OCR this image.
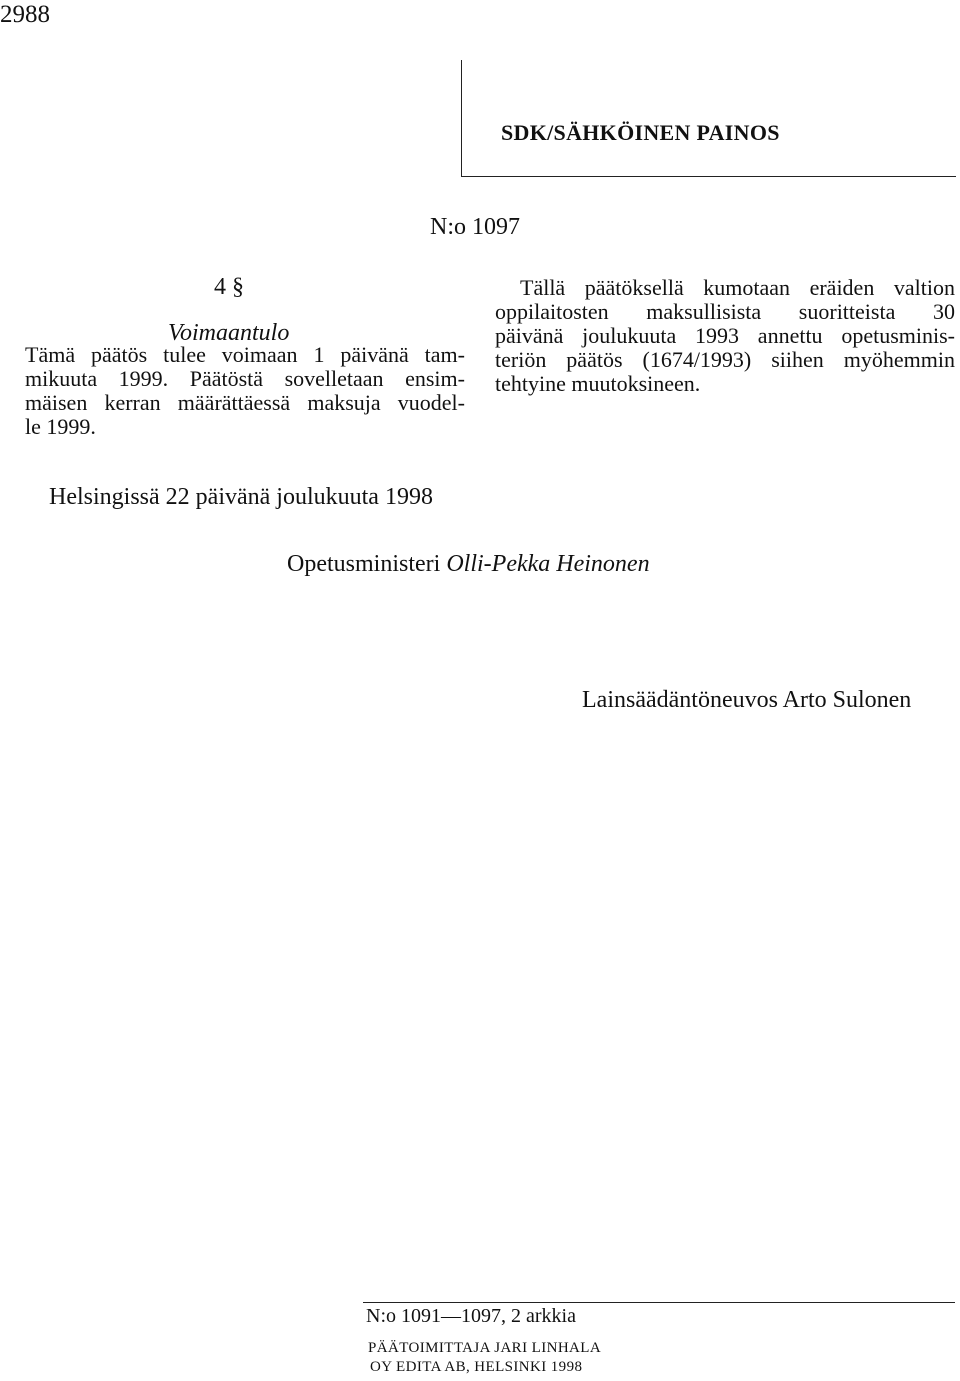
2988
SDK/SÄHKÖINEN PAINOS
N:o 1097
4 §
Voimaantulo
Tämä päätös tulee voimaan 1 päivänä tam-
mikuuta 1999. Päätöstä sovelletaan ensim-
mäisen kerran määrättäessä maksuja vuodel-
le 1999.
Tällä päätöksellä kumotaan eräiden valtion
oppilaitosten maksullisista suoritteista 30
päivänä joulukuuta 1993 annettu opetusminis-
teriön päätös (1674/1993) siihen myöhemmin
tehtyine muutoksineen.
Helsingissä 22 päivänä joulukuuta 1998
Opetusministeri Olli-Pekka Heinonen
Lainsäädäntöneuvos Arto Sulonen
N:o 1091—1097, 2 arkkia
PÄÄTOIMITTAJA JARI LINHALA
OY EDITA AB, HELSINKI 1998
